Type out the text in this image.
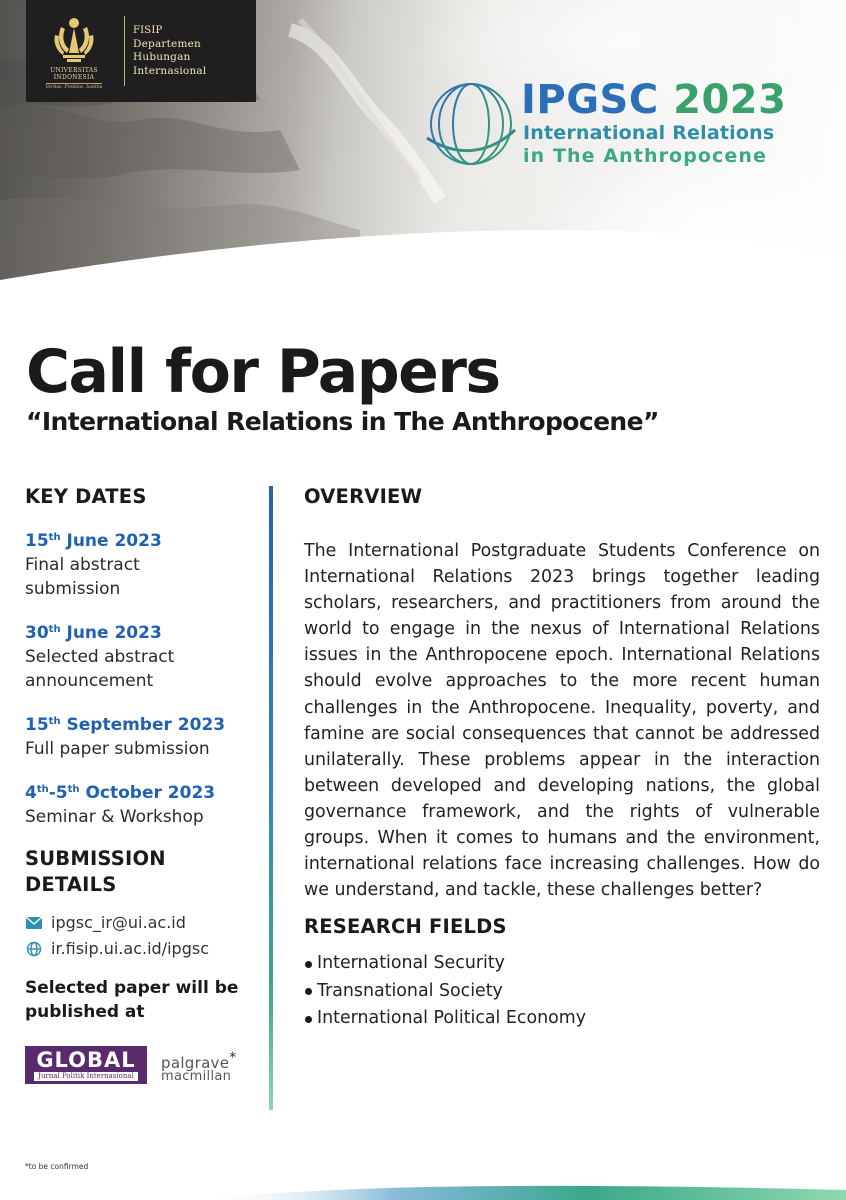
UNIVERSITAS
INDONESIA
Veritas, Probitas, Iustitia
FISIP
Departemen
Hubungan
Internasional
IPGSC 2023
International Relations
in The Anthropocene
Call for Papers
“International Relations in The Anthropocene”
KEY DATES
15th June 2023
Final abstract
submission
30th June 2023
Selected abstract
announcement
15th September 2023
Full paper submission
4th-5th October 2023
Seminar & Workshop
SUBMISSION
DETAILS
ipgsc_ir@ui.ac.id
ir.fisip.ui.ac.id/ipgsc
Selected paper will be
published at
GLOBAL
Jurnal Politik Internasional
palgrave*
macmillan
*to be confirmed
OVERVIEW

The International Postgraduate Students Conference on International Relations 2023 brings together leading scholars, researchers, and practitioners from around the world to engage in the nexus of International Relations issues in the Anthropocene epoch. International Relations should evolve approaches to the more recent human challenges in the Anthropocene. Inequality, poverty, and famine are social consequences that cannot be addressed unilaterally. These problems appear in the interaction between developed and developing nations, the global governance framework, and the rights of vulnerable groups. When it comes to humans and the environment, international relations face increasing challenges. How do we understand, and tackle, these challenges better?

RESEARCH FIELDS
International Security
Transnational Society
International Political Economy
